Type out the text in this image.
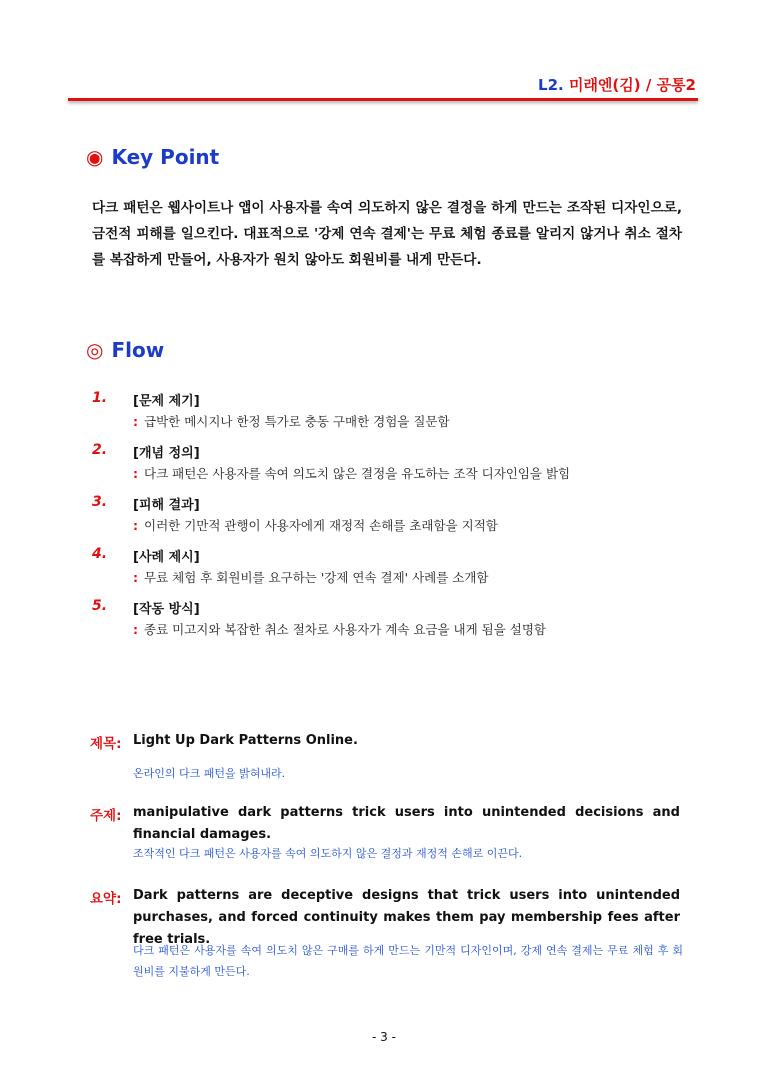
L2. 미래엔(김) / 공통2
◉ Key Point
다크 패턴은 웹사이트나 앱이 사용자를 속여 의도하지 않은 결정을 하게 만드는 조작된 디자인으로, 금전적 피해를 일으킨다. 대표적으로 '강제 연속 결제'는 무료 체험 종료를 알리지 않거나 취소 절차를 복잡하게 만들어, 사용자가 원치 않아도 회원비를 내게 만든다.
◎ Flow
1. [문제 제기]
: 급박한 메시지나 한정 특가로 충동 구매한 경험을 질문함
2. [개념 정의]
: 다크 패턴은 사용자를 속여 의도치 않은 결정을 유도하는 조작 디자인임을 밝힘
3. [피해 결과]
: 이러한 기만적 관행이 사용자에게 재정적 손해를 초래함을 지적함
4. [사례 제시]
: 무료 체험 후 회원비를 요구하는 '강제 연속 결제' 사례를 소개함
5. [작동 방식]
: 종료 미고지와 복잡한 취소 절차로 사용자가 계속 요금을 내게 됨을 설명함
제목: Light Up Dark Patterns Online.
온라인의 다크 패턴을 밝혀내라.
주제: manipulative dark patterns trick users into unintended decisions and financial damages.
조작적인 다크 패턴은 사용자를 속여 의도하지 않은 결정과 재정적 손해로 이끈다.
요약: Dark patterns are deceptive designs that trick users into unintended purchases, and forced continuity makes them pay membership fees after free trials.
다크 패턴은 사용자를 속여 의도치 않은 구매를 하게 만드는 기만적 디자인이며, 강제 연속 결제는 무료 체험 후 회원비를 지불하게 만든다.
- 3 -
